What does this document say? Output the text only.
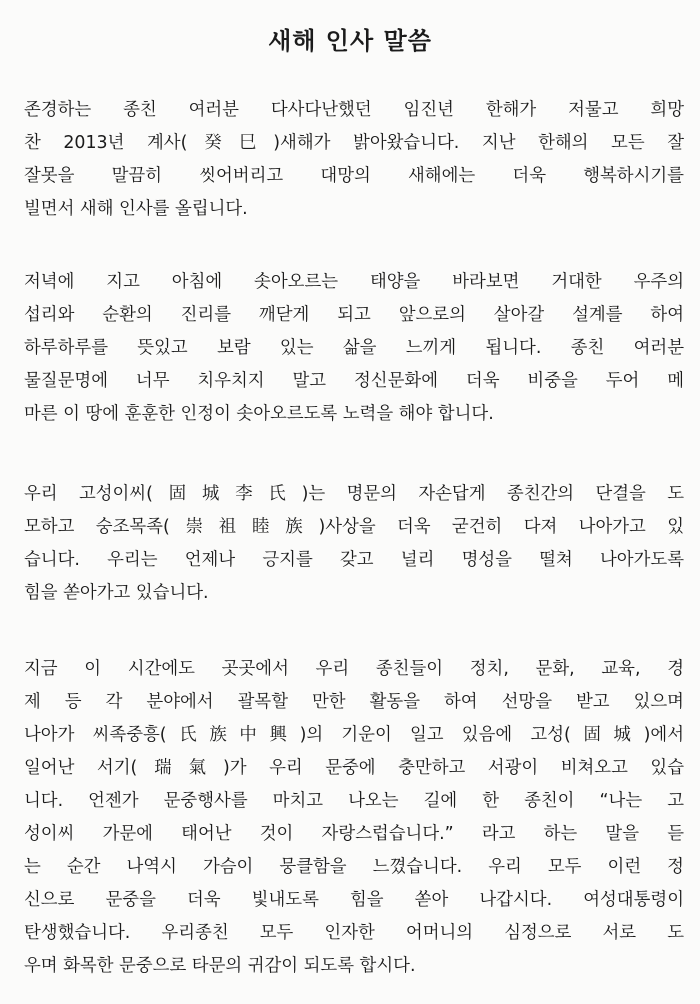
새해 인사 말씀
존경하는 종친 여러분 다사다난했던 임진년 한해가 저물고 희망
찬 2013년 계사(癸巳)새해가 밝아왔습니다. 지난 한해의 모든 잘
잘못을 말끔히 씻어버리고 대망의 새해에는 더욱 행복하시기를
빌면서 새해 인사를 올립니다.
저녁에 지고 아침에 솟아오르는 태양을 바라보면 거대한 우주의
섭리와 순환의 진리를 깨닫게 되고 앞으로의 살아갈 설계를 하여
하루하루를 뜻있고 보람 있는 삶을 느끼게 됩니다. 종친 여러분
물질문명에 너무 치우치지 말고 정신문화에 더욱 비중을 두어 메
마른 이 땅에 훈훈한 인정이 솟아오르도록 노력을 해야 합니다.
우리 고성이씨(固城李氏)는 명문의 자손답게 종친간의 단결을 도
모하고 숭조목족(崇祖睦族)사상을 더욱 굳건히 다져 나아가고 있
습니다. 우리는 언제나 긍지를 갖고 널리 명성을 떨쳐 나아가도록
힘을 쏟아가고 있습니다.
지금 이 시간에도 곳곳에서 우리 종친들이 정치, 문화, 교육, 경
제 등 각 분야에서 괄목할 만한 활동을 하여 선망을 받고 있으며
나아가 씨족중흥(氏族中興)의 기운이 일고 있음에 고성(固城)에서
일어난 서기(瑞氣)가 우리 문중에 충만하고 서광이 비쳐오고 있습
니다. 언젠가 문중행사를 마치고 나오는 길에 한 종친이 “나는 고
성이씨 가문에 태어난 것이 자랑스럽습니다.” 라고 하는 말을 듣
는 순간 나역시 가슴이 뭉클함을 느꼈습니다. 우리 모두 이런 정
신으로 문중을 더욱 빛내도록 힘을 쏟아 나갑시다. 여성대통령이
탄생했습니다. 우리종친 모두 인자한 어머니의 심정으로 서로 도
우며 화목한 문중으로 타문의 귀감이 되도록 합시다.
